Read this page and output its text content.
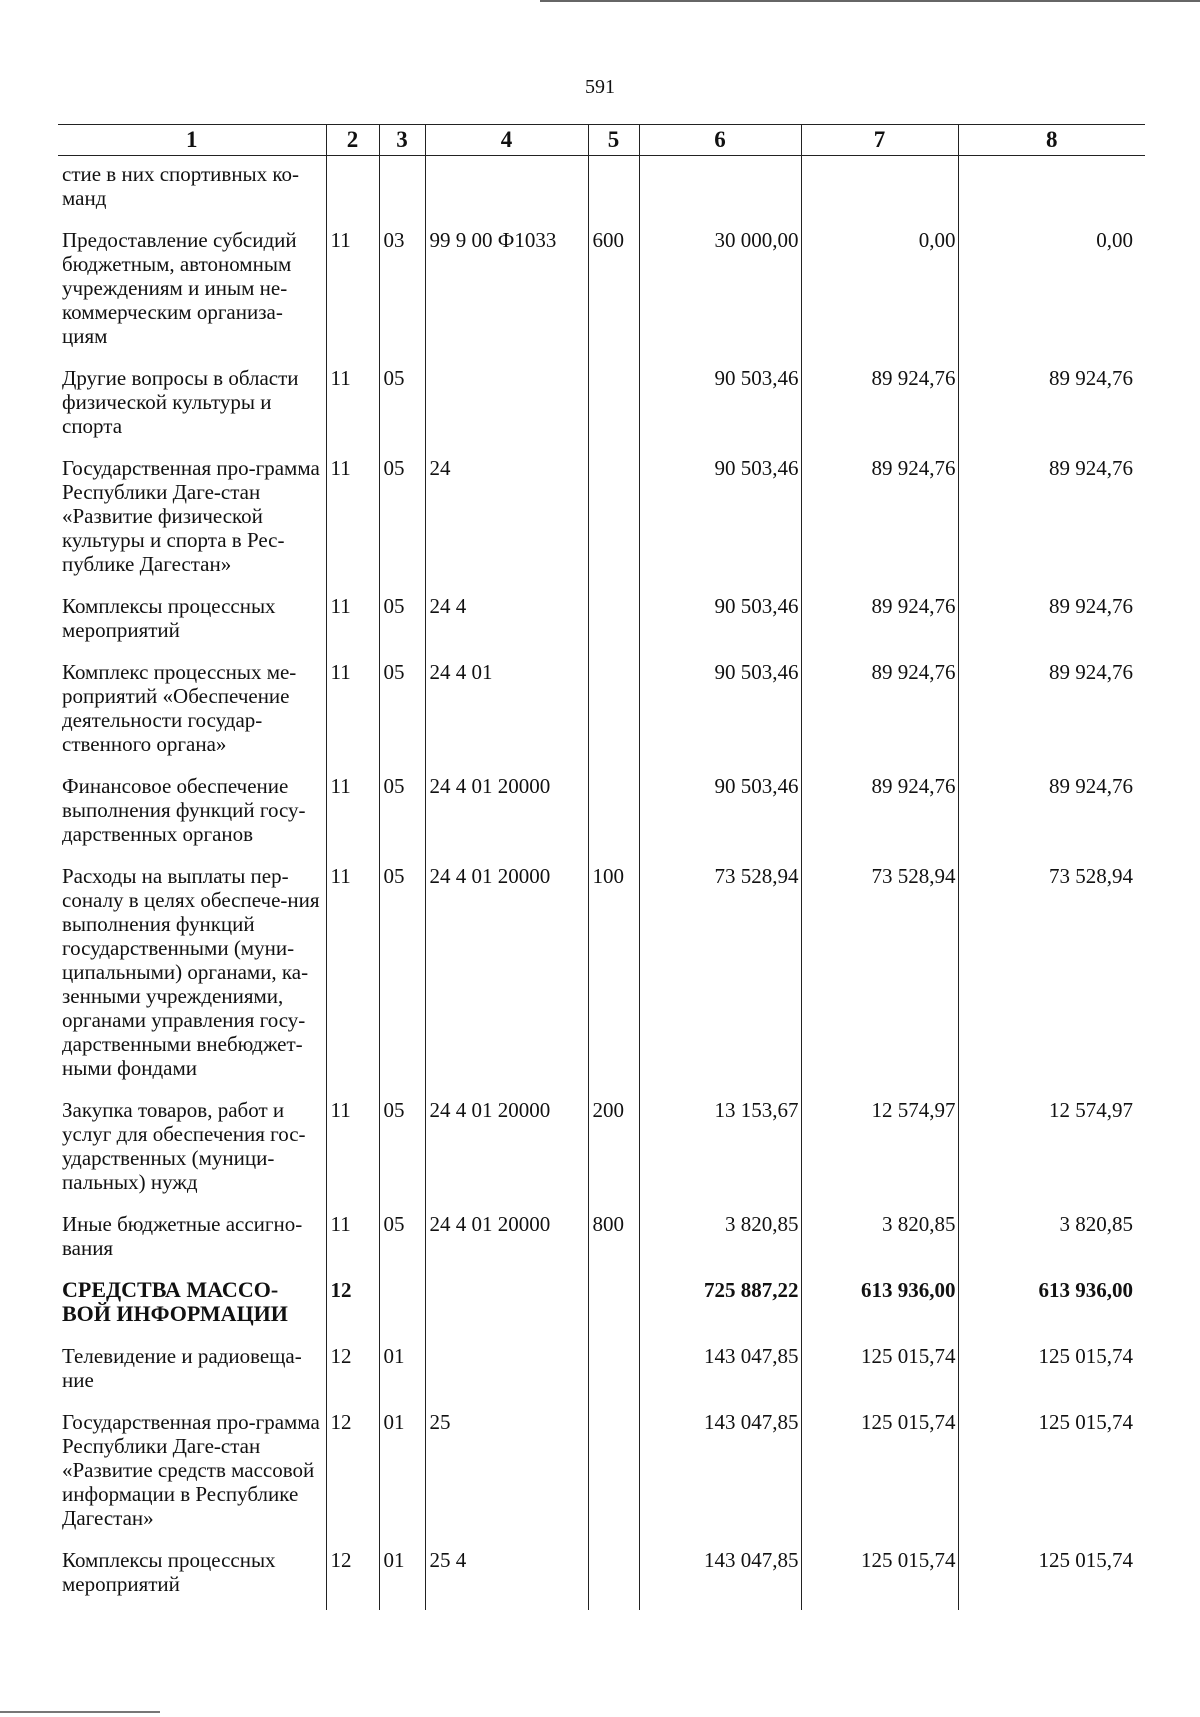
591
1	2	3	4	5	6	7	8
стие в них спортивных ко- манд							
Предоставление субсидий бюджетным, автономным учреждениям и иным не-коммерческим организа-циям	11	03	99 9 00 Ф1033	600	30 000,00	0,00	0,00
Другие вопросы в области физической культуры и спорта	11	05			90 503,46	89 924,76	89 924,76
Государственная про-грамма Республики Даге-стан «Развитие физической культуры и спорта в Рес-публике Дагестан»	11	05	24		90 503,46	89 924,76	89 924,76
Комплексы процессных мероприятий	11	05	24 4		90 503,46	89 924,76	89 924,76
Комплекс процессных ме-роприятий «Обеспечение деятельности государ-ственного органа»	11	05	24 4 01		90 503,46	89 924,76	89 924,76
Финансовое обеспечение выполнения функций госу-дарственных органов	11	05	24 4 01 20000		90 503,46	89 924,76	89 924,76
Расходы на выплаты пер-соналу в целях обеспече-ния выполнения функций государственными (муни-ципальными) органами, ка-зенными учреждениями, органами управления госу-дарственными внебюджет-ными фондами	11	05	24 4 01 20000	100	73 528,94	73 528,94	73 528,94
Закупка товаров, работ и услуг для обеспечения гос-ударственных (муници-пальных) нужд	11	05	24 4 01 20000	200	13 153,67	12 574,97	12 574,97
Иные бюджетные ассигно-вания	11	05	24 4 01 20000	800	3 820,85	3 820,85	3 820,85
СРЕДСТВА МАССО-ВОЙ ИНФОРМАЦИИ	12				725 887,22	613 936,00	613 936,00
Телевидение и радиовеща-ние	12	01			143 047,85	125 015,74	125 015,74
Государственная про-грамма Республики Даге-стан «Развитие средств массовой информации в Республике Дагестан»	12	01	25		143 047,85	125 015,74	125 015,74
Комплексы процессных мероприятий	12	01	25 4		143 047,85	125 015,74	125 015,74
